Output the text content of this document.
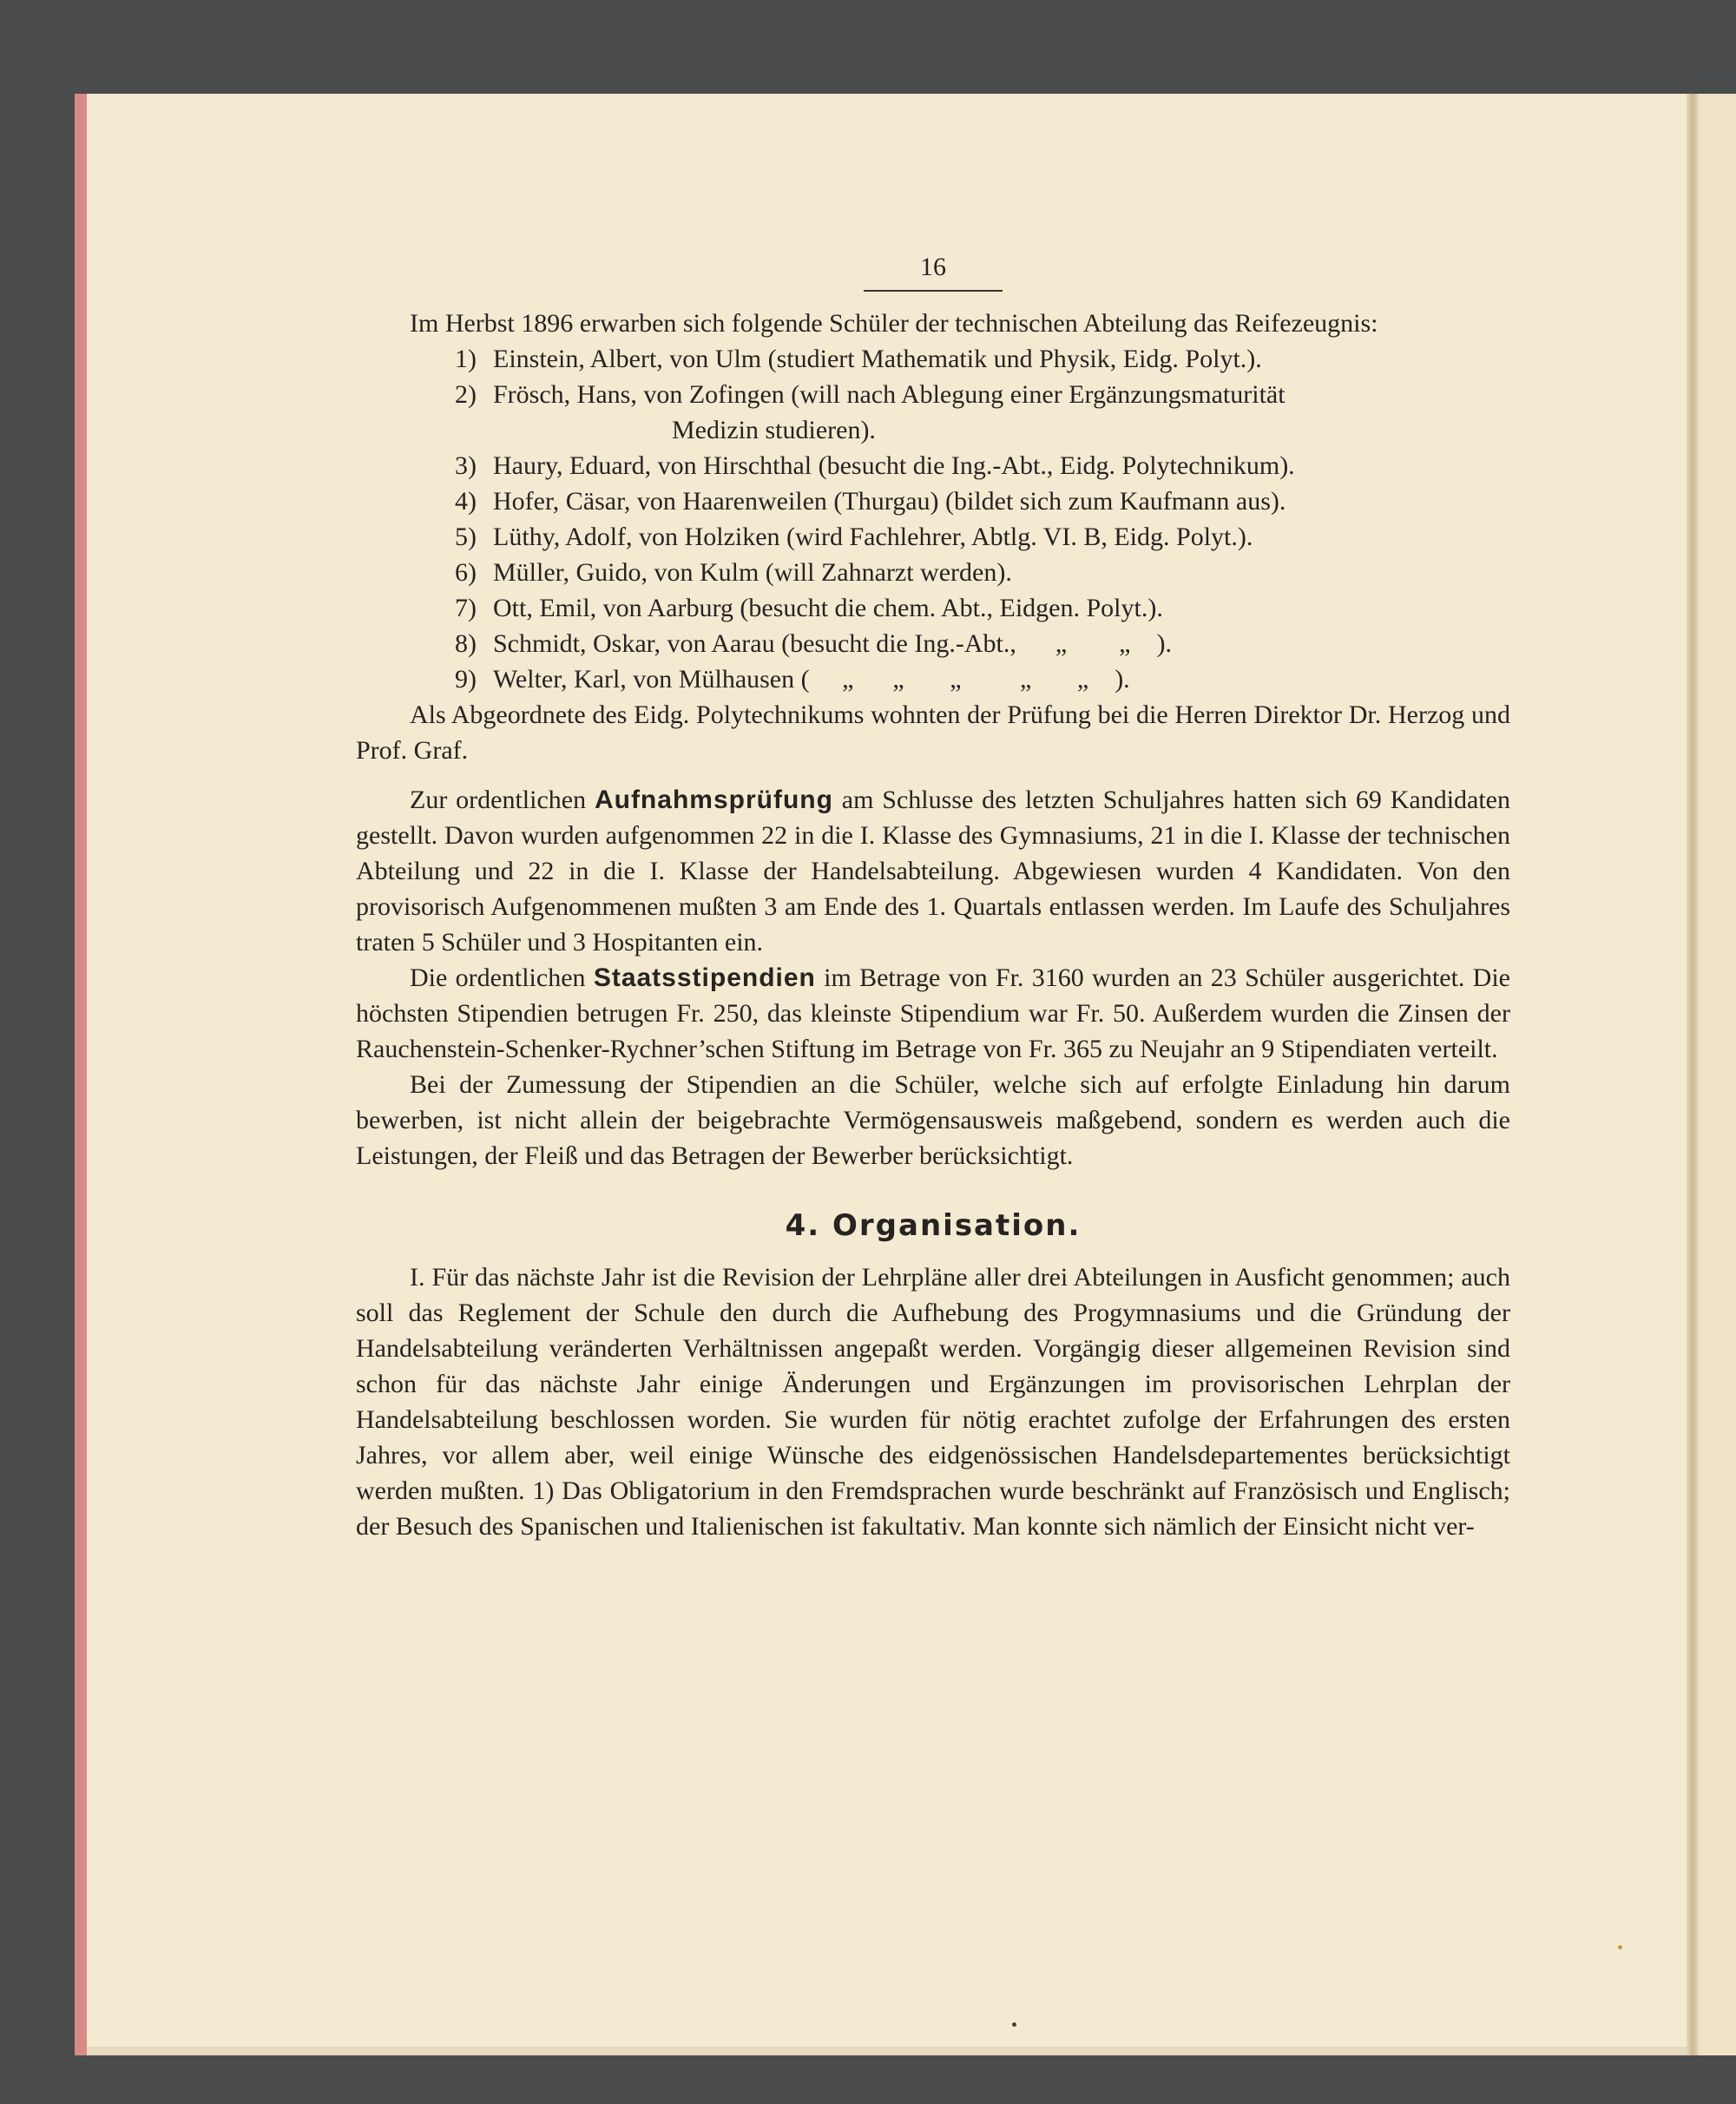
16

Im Herbst 1896 erwarben sich folgende Schüler der technischen Abteilung das Reifezeugnis:

1) Einstein, Albert, von Ulm (studiert Mathematik und Physik, Eidg. Polyt.).
2) Frösch, Hans, von Zofingen (will nach Ablegung einer Ergänzungsmaturität
Medizin studieren).
3) Haury, Eduard, von Hirschthal (besucht die Ing.-Abt., Eidg. Polytechnikum).
4) Hofer, Cäsar, von Haarenweilen (Thurgau) (bildet sich zum Kaufmann aus).
5) Lüthy, Adolf, von Holziken (wird Fachlehrer, Abtlg. VI. B, Eidg. Polyt.).
6) Müller, Guido, von Kulm (will Zahnarzt werden).
7) Ott, Emil, von Aarburg (besucht die chem. Abt., Eidgen. Polyt.).
8) Schmidt, Oskar, von Aarau (besucht die Ing.-Abt.,      „        „    ).
9) Welter, Karl, von Mülhausen (     „      „       „         „       „    ).

Als Abgeordnete des Eidg. Polytechnikums wohnten der Prüfung bei die Herren Direktor Dr. Herzog und Prof. Graf.

Zur ordentlichen Aufnahmsprüfung am Schlusse des letzten Schuljahres hatten sich 69 Kandidaten gestellt. Davon wurden aufgenommen 22 in die I. Klasse des Gymnasiums, 21 in die I. Klasse der technischen Abteilung und 22 in die I. Klasse der Handelsabteilung. Abgewiesen wurden 4 Kandidaten. Von den provisorisch Aufgenommenen mußten 3 am Ende des 1. Quartals entlassen werden. Im Laufe des Schuljahres traten 5 Schüler und 3 Hospitanten ein.

Die ordentlichen Staatsstipendien im Betrage von Fr. 3160 wurden an 23 Schüler ausgerichtet. Die höchsten Stipendien betrugen Fr. 250, das kleinste Stipendium war Fr. 50. Außerdem wurden die Zinsen der Rauchenstein-Schenker-Rychner’schen Stiftung im Betrage von Fr. 365 zu Neujahr an 9 Stipendiaten verteilt.

Bei der Zumessung der Stipendien an die Schüler, welche sich auf erfolgte Einladung hin darum bewerben, ist nicht allein der beigebrachte Vermögensausweis maßgebend, sondern es werden auch die Leistungen, der Fleiß und das Betragen der Bewerber berücksichtigt.

4. Organisation.

I. Für das nächste Jahr ist die Revision der Lehrpläne aller drei Abteilungen in Ausficht genommen; auch soll das Reglement der Schule den durch die Aufhebung des Progymnasiums und die Gründung der Handelsabteilung veränderten Verhältnissen angepaßt werden. Vorgängig dieser allgemeinen Revision sind schon für das nächste Jahr einige Änderungen und Ergänzungen im provisorischen Lehrplan der Handelsabteilung beschlossen worden. Sie wurden für nötig erachtet zufolge der Erfahrungen des ersten Jahres, vor allem aber, weil einige Wünsche des eidgenössischen Handelsdepartementes berücksichtigt werden mußten. 1) Das Obligatorium in den Fremdsprachen wurde beschränkt auf Französisch und Englisch; der Besuch des Spanischen und Italienischen ist fakultativ. Man konnte sich nämlich der Einsicht nicht ver-
